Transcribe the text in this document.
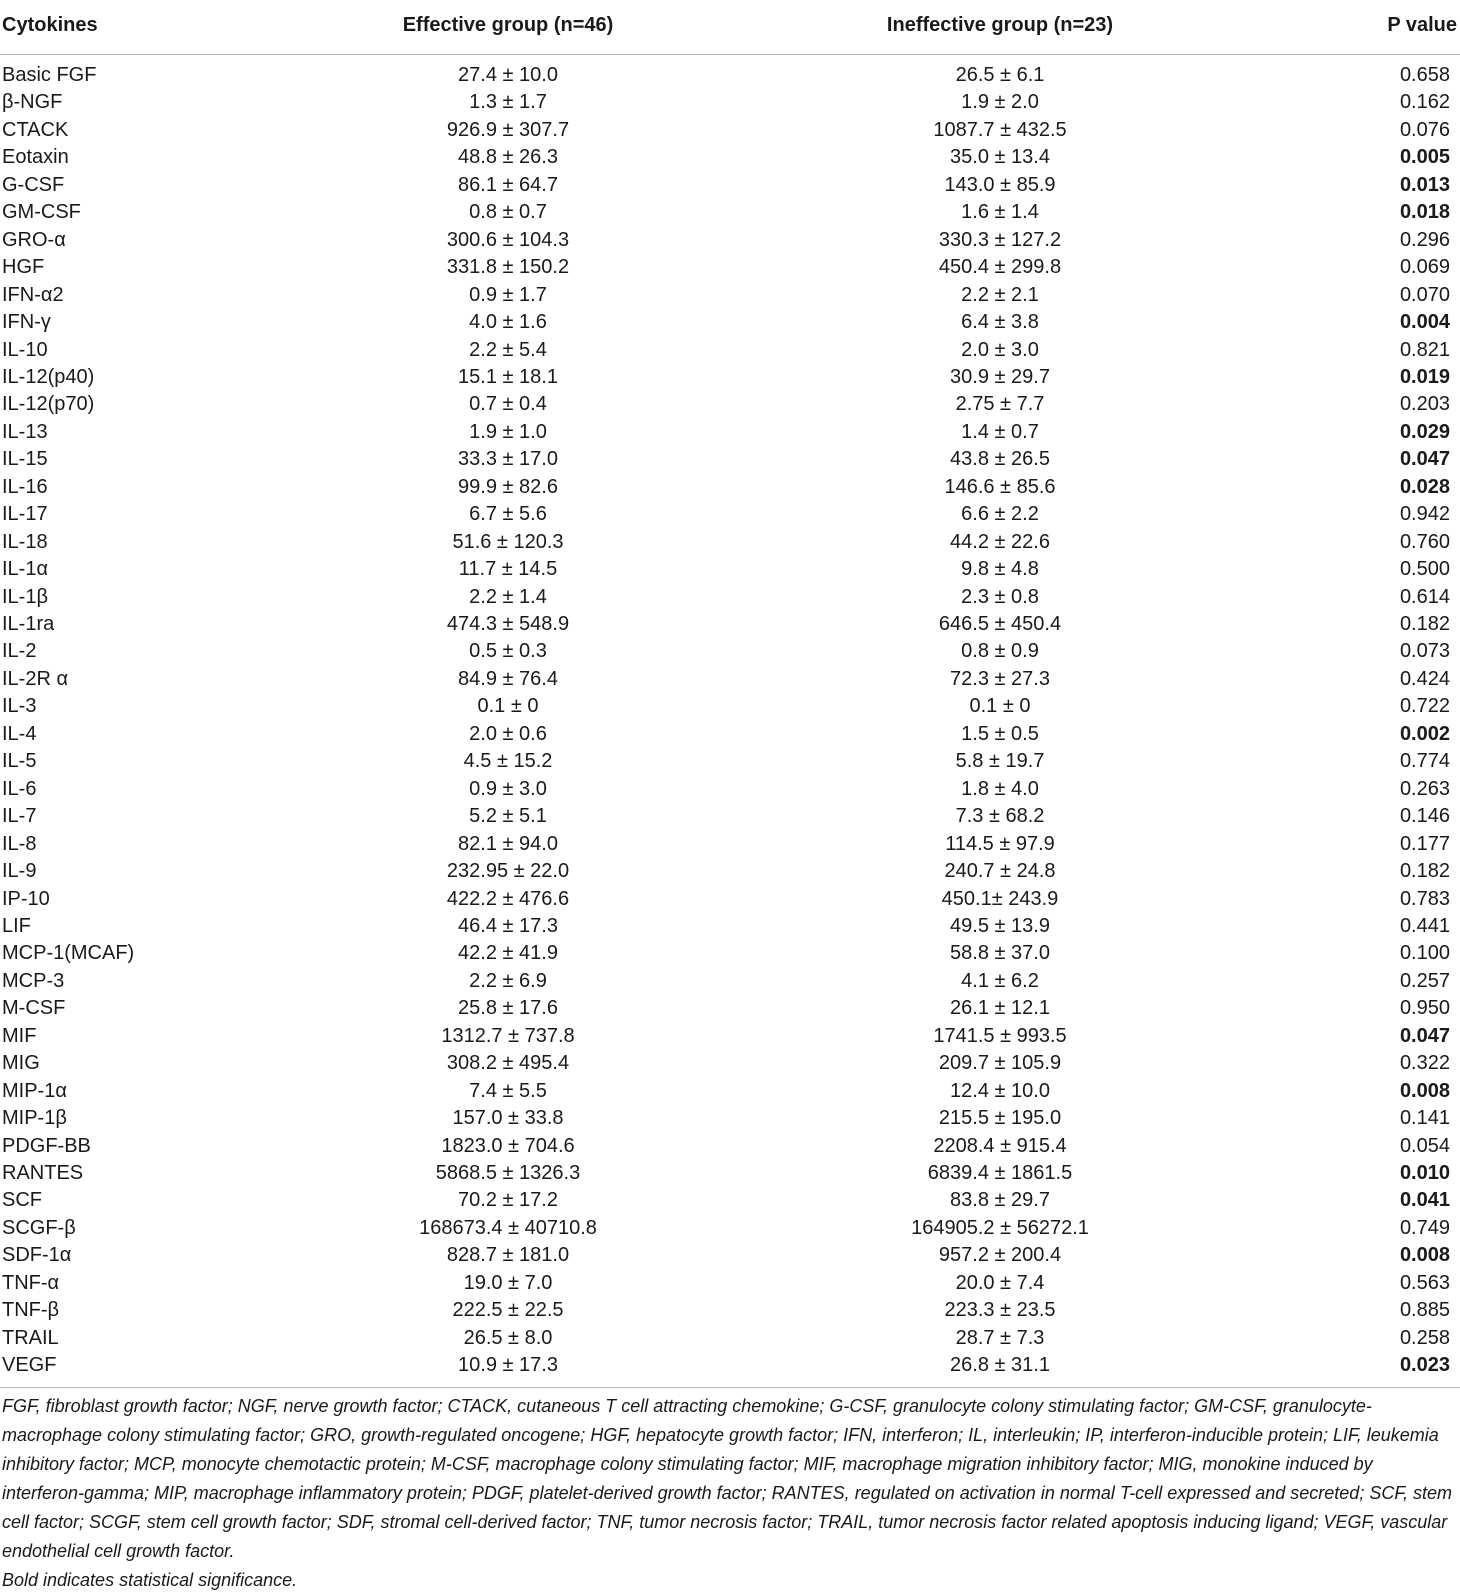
Cytokines	Effective group (n=46)	Ineffective group (n=23)	P value
Basic FGF	27.4 ± 10.0	26.5 ± 6.1	0.658
β-NGF	1.3 ± 1.7	1.9 ± 2.0	0.162
CTACK	926.9 ± 307.7	1087.7 ± 432.5	0.076
Eotaxin	48.8 ± 26.3	35.0 ± 13.4	0.005
G-CSF	86.1 ± 64.7	143.0 ± 85.9	0.013
GM-CSF	0.8 ± 0.7	1.6 ± 1.4	0.018
GRO-α	300.6 ± 104.3	330.3 ± 127.2	0.296
HGF	331.8 ± 150.2	450.4 ± 299.8	0.069
IFN-α2	0.9 ± 1.7	2.2 ± 2.1	0.070
IFN-γ	4.0 ± 1.6	6.4 ± 3.8	0.004
IL-10	2.2 ± 5.4	2.0 ± 3.0	0.821
IL-12(p40)	15.1 ± 18.1	30.9 ± 29.7	0.019
IL-12(p70)	0.7 ± 0.4	2.75 ± 7.7	0.203
IL-13	1.9 ± 1.0	1.4 ± 0.7	0.029
IL-15	33.3 ± 17.0	43.8 ± 26.5	0.047
IL-16	99.9 ± 82.6	146.6 ± 85.6	0.028
IL-17	6.7 ± 5.6	6.6 ± 2.2	0.942
IL-18	51.6 ± 120.3	44.2 ± 22.6	0.760
IL-1α	11.7 ± 14.5	9.8 ± 4.8	0.500
IL-1β	2.2 ± 1.4	2.3 ± 0.8	0.614
IL-1ra	474.3 ± 548.9	646.5 ± 450.4	0.182
IL-2	0.5 ± 0.3	0.8 ± 0.9	0.073
IL-2R α	84.9 ± 76.4	72.3 ± 27.3	0.424
IL-3	0.1 ± 0	0.1 ± 0	0.722
IL-4	2.0 ± 0.6	1.5 ± 0.5	0.002
IL-5	4.5 ± 15.2	5.8 ± 19.7	0.774
IL-6	0.9 ± 3.0	1.8 ± 4.0	0.263
IL-7	5.2 ± 5.1	7.3 ± 68.2	0.146
IL-8	82.1 ± 94.0	114.5 ± 97.9	0.177
IL-9	232.95 ± 22.0	240.7 ± 24.8	0.182
IP-10	422.2 ± 476.6	450.1± 243.9	0.783
LIF	46.4 ± 17.3	49.5 ± 13.9	0.441
MCP-1(MCAF)	42.2 ± 41.9	58.8 ± 37.0	0.100
MCP-3	2.2 ± 6.9	4.1 ± 6.2	0.257
M-CSF	25.8 ± 17.6	26.1 ± 12.1	0.950
MIF	1312.7 ± 737.8	1741.5 ± 993.5	0.047
MIG	308.2 ± 495.4	209.7 ± 105.9	0.322
MIP-1α	7.4 ± 5.5	12.4 ± 10.0	0.008
MIP-1β	157.0 ± 33.8	215.5 ± 195.0	0.141
PDGF-BB	1823.0 ± 704.6	2208.4 ± 915.4	0.054
RANTES	5868.5 ± 1326.3	6839.4 ± 1861.5	0.010
SCF	70.2 ± 17.2	83.8 ± 29.7	0.041
SCGF-β	168673.4 ± 40710.8	164905.2 ± 56272.1	0.749
SDF-1α	828.7 ± 181.0	957.2 ± 200.4	0.008
TNF-α	19.0 ± 7.0	20.0 ± 7.4	0.563
TNF-β	222.5 ± 22.5	223.3 ± 23.5	0.885
TRAIL	26.5 ± 8.0	28.7 ± 7.3	0.258
VEGF	10.9 ± 17.3	26.8 ± 31.1	0.023

FGF, fibroblast growth factor; NGF, nerve growth factor; CTACK, cutaneous T cell attracting chemokine; G-CSF, granulocyte colony stimulating factor; GM-CSF, granulocyte-macrophage colony stimulating factor; GRO, growth-regulated oncogene; HGF, hepatocyte growth factor; IFN, interferon; IL, interleukin; IP, interferon-inducible protein; LIF, leukemia inhibitory factor; MCP, monocyte chemotactic protein; M-CSF, macrophage colony stimulating factor; MIF, macrophage migration inhibitory factor; MIG, monokine induced by interferon-gamma; MIP, macrophage inflammatory protein; PDGF, platelet-derived growth factor; RANTES, regulated on activation in normal T-cell expressed and secreted; SCF, stem cell factor; SCGF, stem cell growth factor; SDF, stromal cell-derived factor; TNF, tumor necrosis factor; TRAIL, tumor necrosis factor related apoptosis inducing ligand; VEGF, vascular endothelial cell growth factor.

Bold indicates statistical significance.
